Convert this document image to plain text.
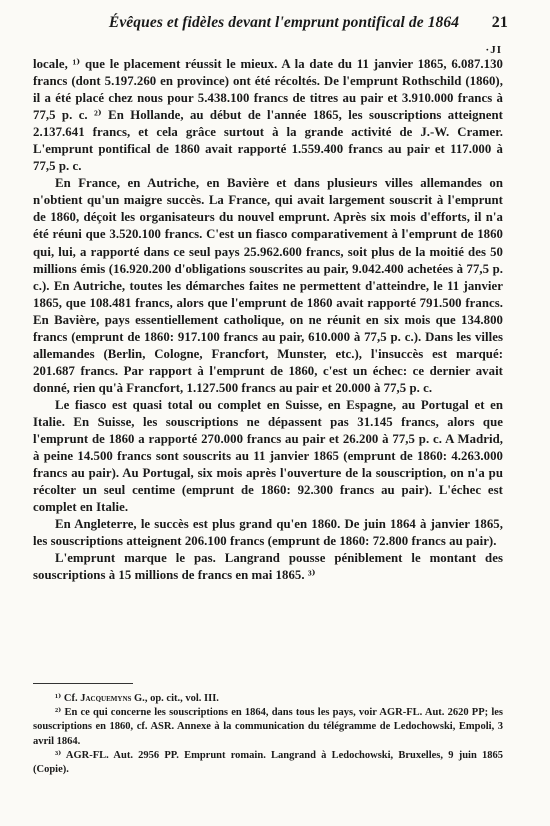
Évêques et fidèles devant l'emprunt pontifical de 1864 21
·JI

locale, ¹⁾ que le placement réussit le mieux. A la date du 11 janvier 1865, 6.087.130 francs (dont 5.197.260 en province) ont été récoltés. De l'emprunt Rothschild (1860), il a été placé chez nous pour 5.438.100 francs de titres au pair et 3.910.000 francs à 77,5 p. c. ²⁾ En Hollande, au début de l'année 1865, les souscriptions atteignent 2.137.641 francs, et cela grâce surtout à la grande activité de J.-W. Cramer. L'emprunt pontifical de 1860 avait rapporté 1.559.400 francs au pair et 117.000 à 77,5 p. c.

En France, en Autriche, en Bavière et dans plusieurs villes allemandes on n'obtient qu'un maigre succès. La France, qui avait largement souscrit à l'emprunt de 1860, déçoit les organisateurs du nouvel emprunt. Après six mois d'efforts, il n'a été réuni que 3.520.100 francs. C'est un fiasco comparativement à l'emprunt de 1860 qui, lui, a rapporté dans ce seul pays 25.962.600 francs, soit plus de la moitié des 50 millions émis (16.920.200 d'obligations souscrites au pair, 9.042.400 achetées à 77,5 p. c.). En Autriche, toutes les démarches faites ne permettent d'atteindre, le 11 janvier 1865, que 108.481 francs, alors que l'emprunt de 1860 avait rapporté 791.500 francs. En Bavière, pays essentiellement catholique, on ne réunit en six mois que 134.800 francs (emprunt de 1860: 917.100 francs au pair, 610.000 à 77,5 p. c.). Dans les villes allemandes (Berlin, Cologne, Francfort, Munster, etc.), l'insuccès est marqué: 201.687 francs. Par rapport à l'emprunt de 1860, c'est un échec: ce dernier avait donné, rien qu'à Francfort, 1.127.500 francs au pair et 20.000 à 77,5 p. c.

Le fiasco est quasi total ou complet en Suisse, en Espagne, au Portugal et en Italie. En Suisse, les souscriptions ne dépassent pas 31.145 francs, alors que l'emprunt de 1860 a rapporté 270.000 francs au pair et 26.200 à 77,5 p. c. A Madrid, à peine 14.500 francs sont souscrits au 11 janvier 1865 (emprunt de 1860: 4.263.000 francs au pair). Au Portugal, six mois après l'ouverture de la souscription, on n'a pu récolter un seul centime (emprunt de 1860: 92.300 francs au pair). L'échec est complet en Italie.

En Angleterre, le succès est plus grand qu'en 1860. De juin 1864 à janvier 1865, les souscriptions atteignent 206.100 francs (emprunt de 1860: 72.800 francs au pair).

L'emprunt marque le pas. Langrand pousse péniblement le montant des souscriptions à 15 millions de francs en mai 1865. ³⁾

¹⁾ Cf. Jacquemyns G., op. cit., vol. III.

²⁾ En ce qui concerne les souscriptions en 1864, dans tous les pays, voir AGR-FL. Aut. 2620 PP; les souscriptions en 1860, cf. ASR. Annexe à la communication du télégramme de Ledochowski, Empoli, 3 avril 1864.

³⁾ AGR-FL. Aut. 2956 PP. Emprunt romain. Langrand à Ledochowski, Bruxelles, 9 juin 1865 (Copie).
